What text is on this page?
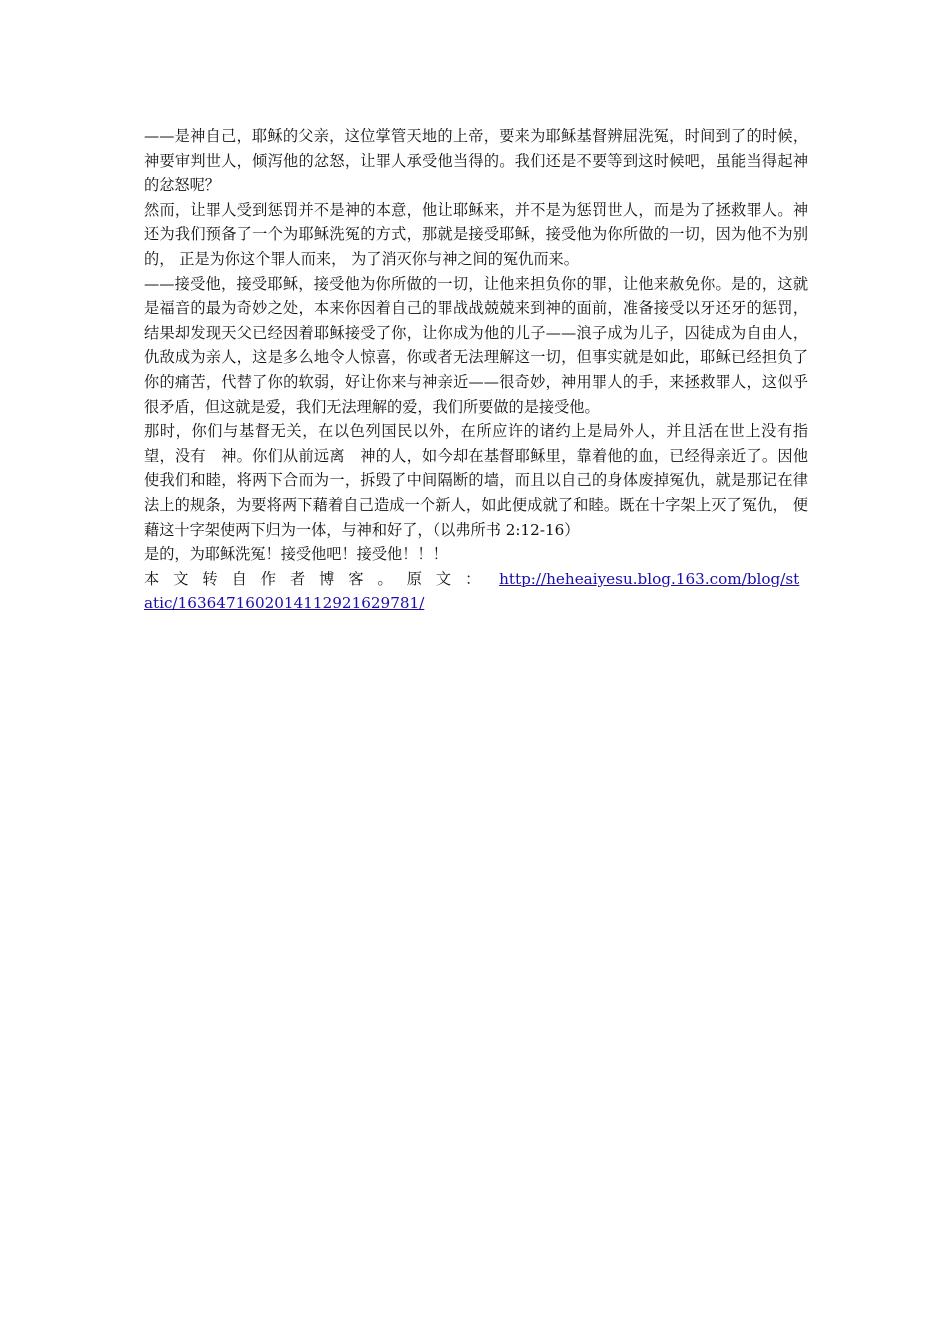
——是神自己，耶稣的父亲，这位掌管天地的上帝，要来为耶稣基督辨屈洗冤，时间到了的时候，神要审判世人，倾泻他的忿怒，让罪人承受他当得的。我们还是不要等到这时候吧，虽能当得起神的忿怒呢？

然而，让罪人受到惩罚并不是神的本意，他让耶稣来，并不是为惩罚世人，而是为了拯救罪人。神还为我们预备了一个为耶稣洗冤的方式，那就是接受耶稣，接受他为你所做的一切，因为他不为别的， 正是为你这个罪人而来， 为了消灭你与神之间的冤仇而来。

——接受他，接受耶稣，接受他为你所做的一切，让他来担负你的罪，让他来赦免你。是的，这就是福音的最为奇妙之处，本来你因着自己的罪战战兢兢来到神的面前，准备接受以牙还牙的惩罚，结果却发现天父已经因着耶稣接受了你，让你成为他的儿子——浪子成为儿子，囚徒成为自由人，仇敌成为亲人，这是多么地令人惊喜，你或者无法理解这一切，但事实就是如此，耶稣已经担负了你的痛苦，代替了你的软弱，好让你来与神亲近——很奇妙，神用罪人的手，来拯救罪人，这似乎很矛盾，但这就是爱，我们无法理解的爱，我们所要做的是接受他。

那时，你们与基督无关，在以色列国民以外，在所应许的诸约上是局外人，并且活在世上没有指望，没有　神。你们从前远离　神的人，如今却在基督耶稣里，靠着他的血，已经得亲近了。因他使我们和睦，将两下合而为一，拆毁了中间隔断的墙，而且以自己的身体废掉冤仇，就是那记在律法上的规条，为要将两下藉着自己造成一个新人，如此便成就了和睦。既在十字架上灭了冤仇， 便藉这十字架使两下归为一体，与神和好了，（以弗所书 2:12-16）

是的，为耶稣洗冤！接受他吧！接受他！！！

本文转自作者博客。原文： http://heheaiyesu.blog.163.com/blog/static/1636471602014112921629781/
